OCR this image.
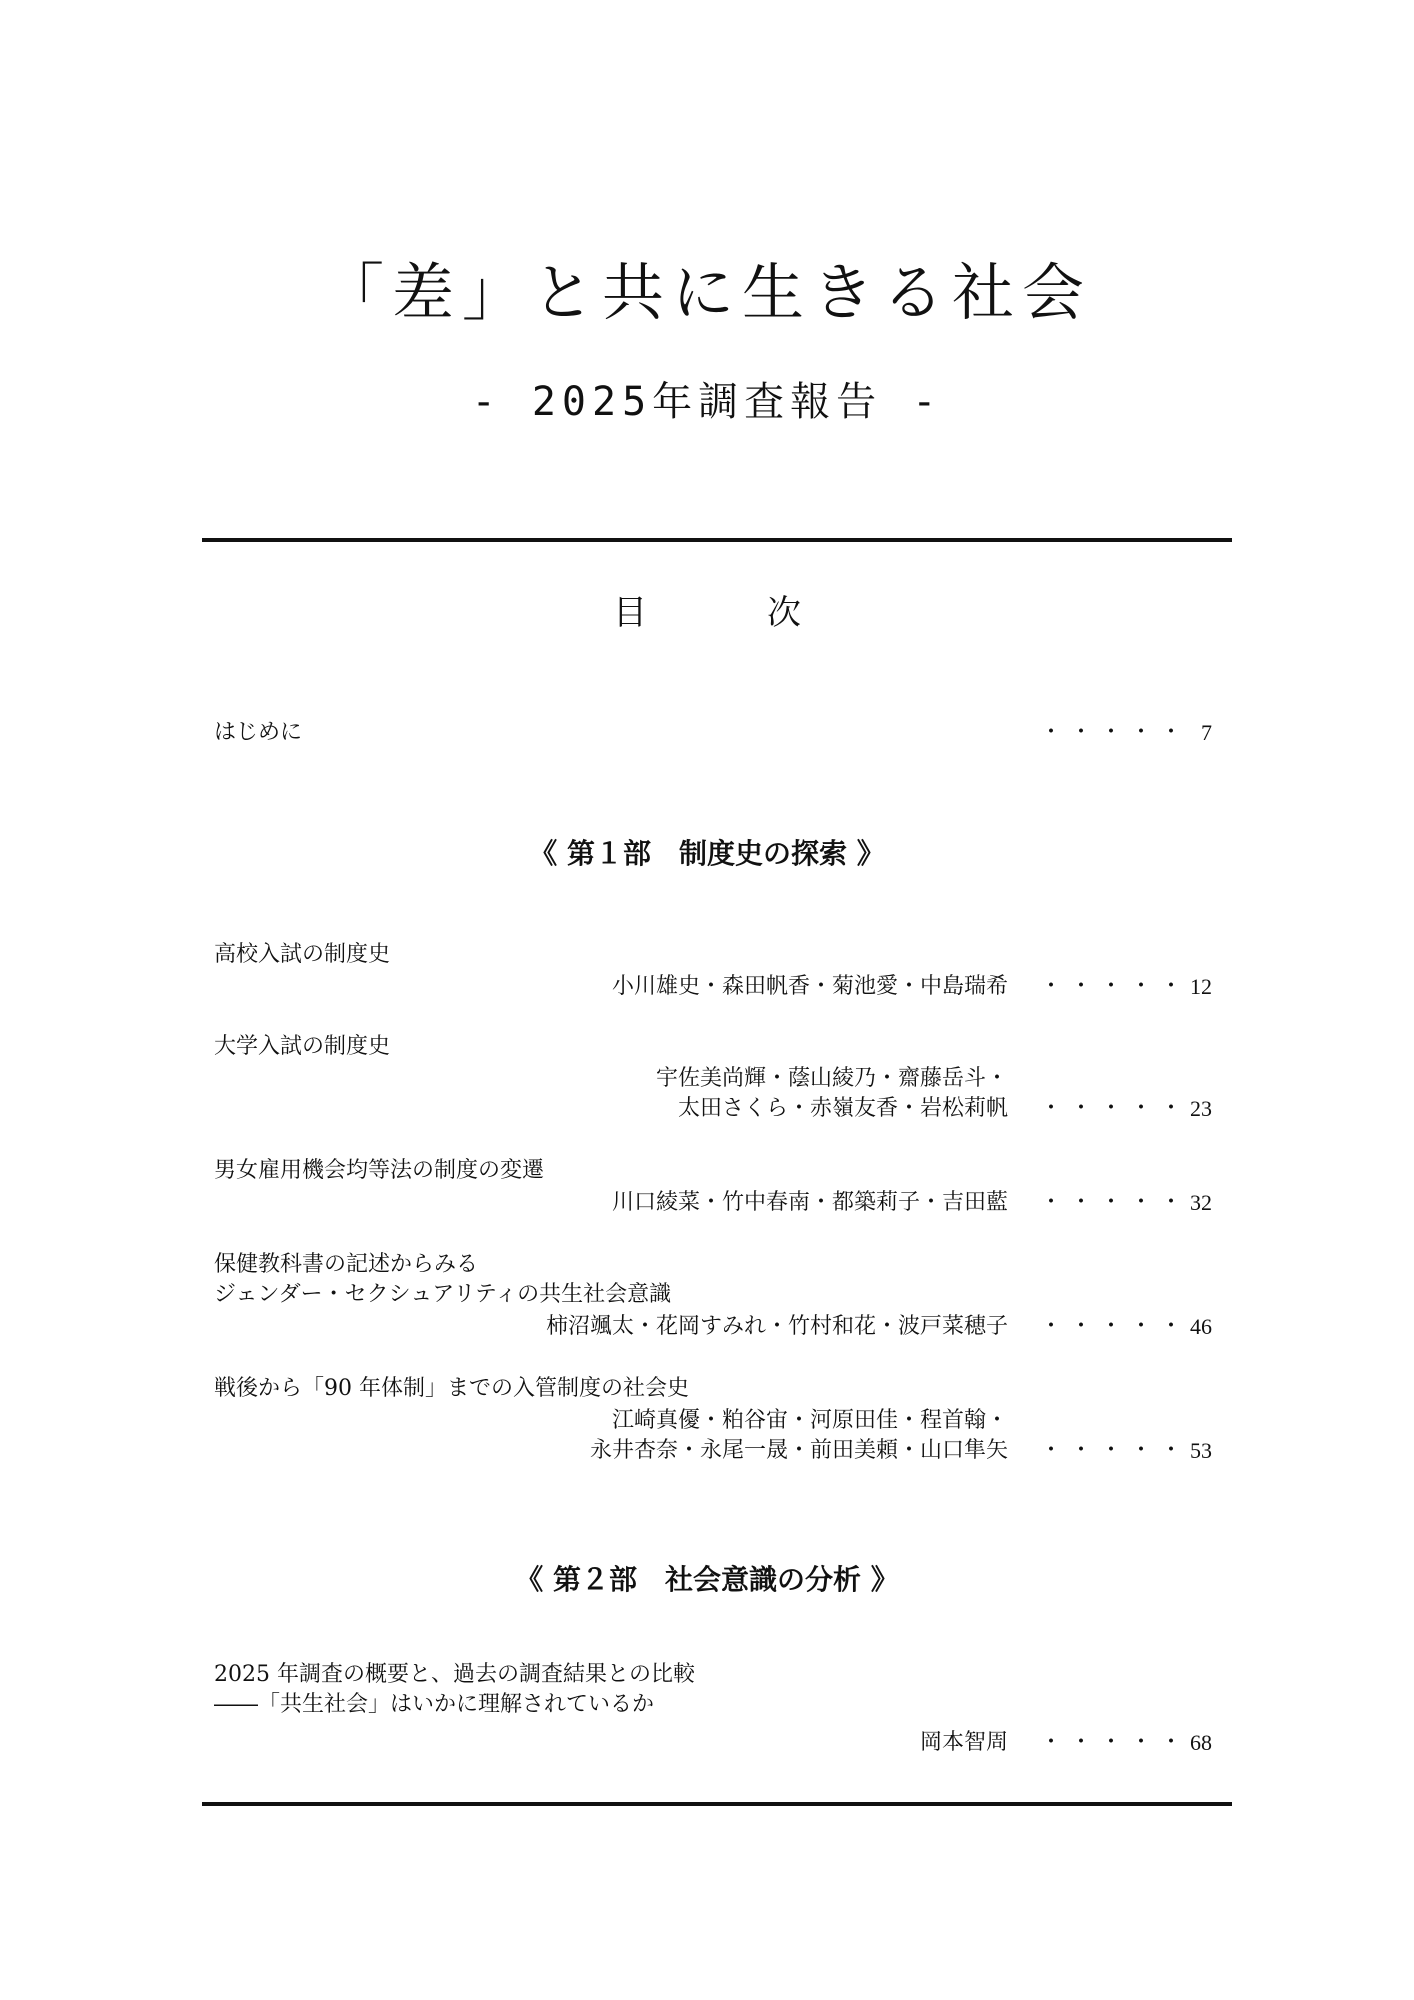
「差」と共に生きる社会
- 2025年調査報告 -
目	次
はじめに	・・・・・ 7
《 第１部　制度史の探索 》
高校入試の制度史
小川雄史・森田帆香・菊池愛・中島瑞希 ・・・・・ 12
大学入試の制度史
宇佐美尚輝・蔭山綾乃・齋藤岳斗・
太田さくら・赤嶺友香・岩松莉帆 ・・・・・ 23
男女雇用機会均等法の制度の変遷
川口綾菜・竹中春南・都築莉子・吉田藍 ・・・・・ 32
保健教科書の記述からみる
ジェンダー・セクシュアリティの共生社会意識
柿沼颯太・花岡すみれ・竹村和花・波戸菜穂子 ・・・・・ 46
戦後から「90 年体制」までの入管制度の社会史
江崎真優・粕谷宙・河原田佳・程首翰・
永井杏奈・永尾一晟・前田美頼・山口隼矢 ・・・・・ 53
《 第２部　社会意識の分析 》
2025 年調査の概要と、過去の調査結果との比較
――「共生社会」はいかに理解されているか
岡本智周 ・・・・・ 68
